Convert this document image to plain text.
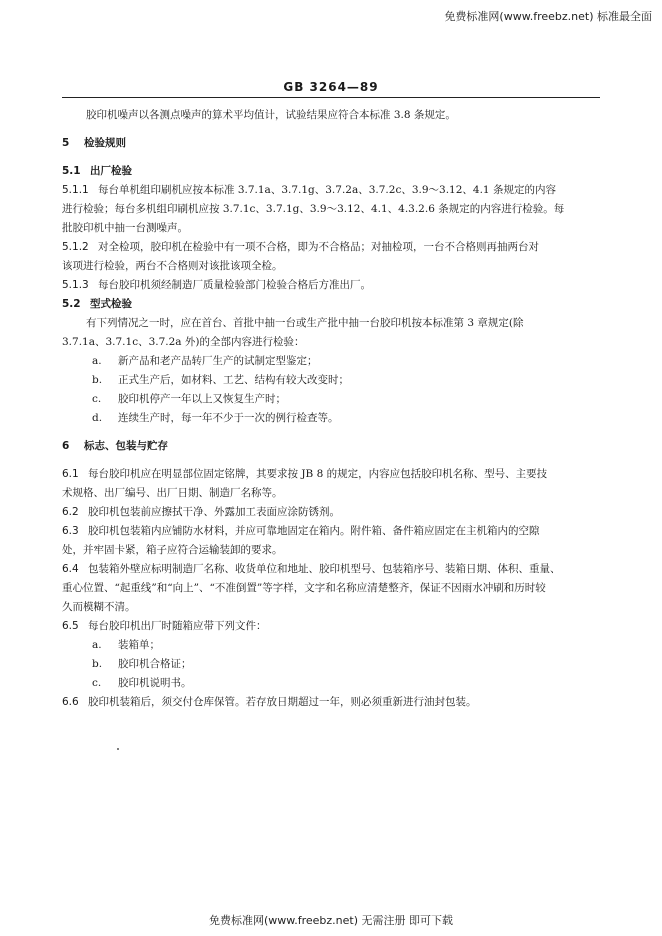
免费标准网(www.freebz.net) 标准最全面
GB 3264—89

胶印机噪声以各测点噪声的算术平均值计，试验结果应符合本标准 3.8 条规定。

5 检验规则

5.1 出厂检验

5.1.1 每台单机组印刷机应按本标准 3.7.1a、3.7.1g、3.7.2a、3.7.2c、3.9～3.12、4.1 条规定的内容

进行检验；每台多机组印刷机应按 3.7.1c、3.7.1g、3.9～3.12、4.1、4.3.2.6 条规定的内容进行检验。每

批胶印机中抽一台测噪声。

5.1.2 对全检项，胶印机在检验中有一项不合格，即为不合格品；对抽检项，一台不合格则再抽两台对

该项进行检验，两台不合格则对该批该项全检。

5.1.3 每台胶印机须经制造厂质量检验部门检验合格后方准出厂。

5.2 型式检验

有下列情况之一时，应在首台、首批中抽一台或生产批中抽一台胶印机按本标准第 3 章规定(除

3.7.1a、3.7.1c、3.7.2a 外)的全部内容进行检验：

a. 新产品和老产品转厂生产的试制定型鉴定；
b. 正式生产后，如材料、工艺、结构有较大改变时；
c. 胶印机停产一年以上又恢复生产时；
d. 连续生产时，每一年不少于一次的例行检查等。

6 标志、包装与贮存

6.1 每台胶印机应在明显部位固定铭牌，其要求按 JB 8 的规定，内容应包括胶印机名称、型号、主要技

术规格、出厂编号、出厂日期、制造厂名称等。

6.2 胶印机包装前应擦拭干净、外露加工表面应涂防锈剂。

6.3 胶印机包装箱内应铺防水材料，并应可靠地固定在箱内。附件箱、备件箱应固定在主机箱内的空隙

处，并牢固卡紧，箱子应符合运输装卸的要求。

6.4 包装箱外壁应标明制造厂名称、收货单位和地址、胶印机型号、包装箱序号、装箱日期、体积、重量、

重心位置、“起重线”和“向上”、“不准倒置”等字样，文字和名称应清楚整齐，保证不因雨水冲刷和历时较

久而模糊不清。

6.5 每台胶印机出厂时随箱应带下列文件：

a. 装箱单；
b. 胶印机合格证；
c. 胶印机说明书。

6.6 胶印机装箱后，须交付仓库保管。若存放日期超过一年，则必须重新进行油封包装。

免费标准网(www.freebz.net) 无需注册 即可下载
